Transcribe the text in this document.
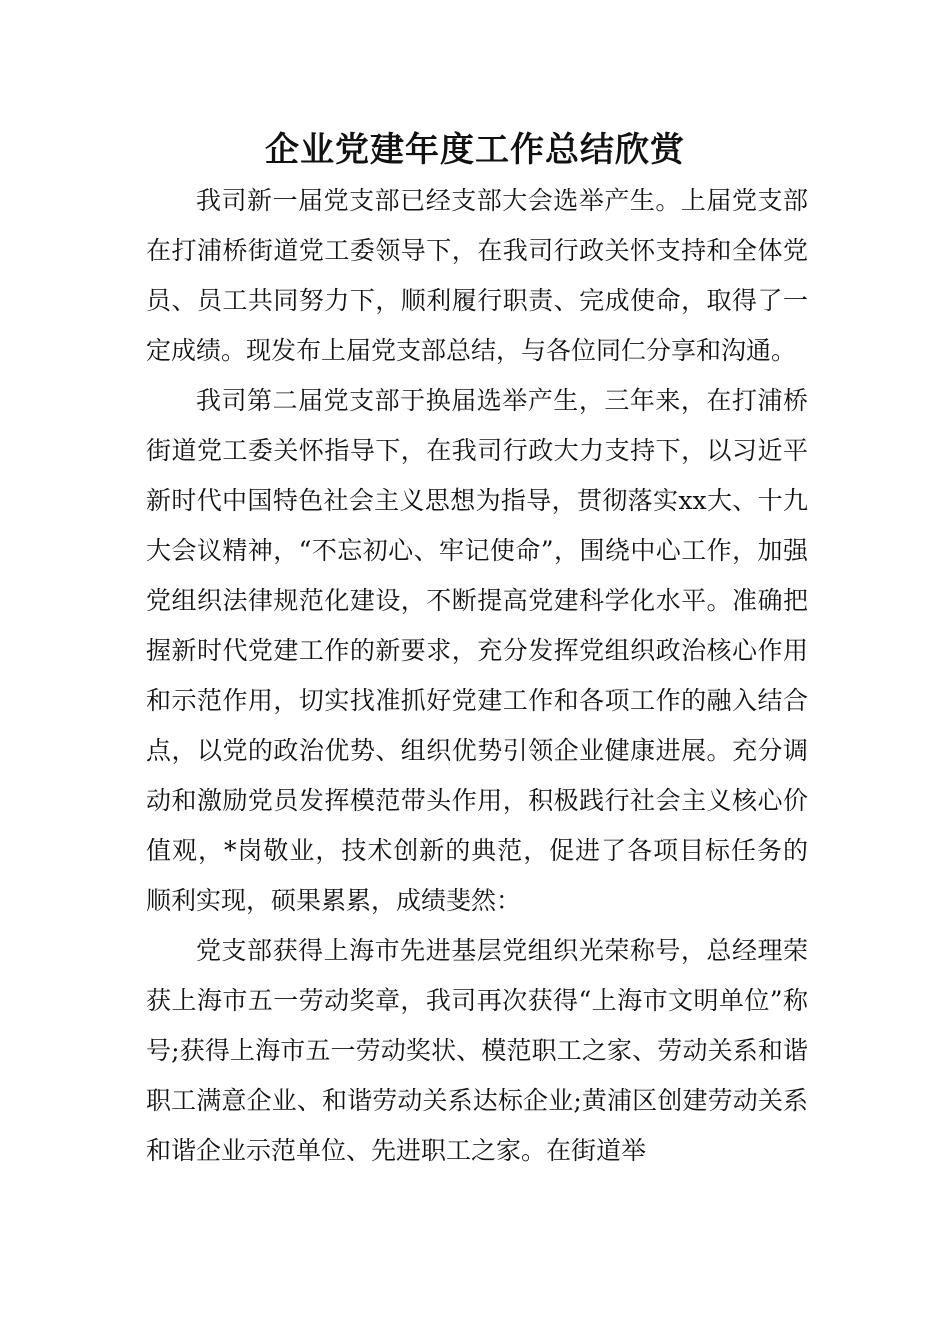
企业党建年度工作总结欣赏

我司新一届党支部已经支部大会选举产生。上届党支部在打浦桥街道党工委领导下，在我司行政关怀支持和全体党员、员工共同努力下，顺利履行职责、完成使命，取得了一定成绩。现发布上届党支部总结，与各位同仁分享和沟通。

我司第二届党支部于换届选举产生，三年来，在打浦桥街道党工委关怀指导下，在我司行政大力支持下，以习近平新时代中国特色社会主义思想为指导，贯彻落实xx大、十九大会议精神，“不忘初心、牢记使命”，围绕中心工作，加强党组织法律规范化建设，不断提高党建科学化水平。准确把握新时代党建工作的新要求，充分发挥党组织政治核心作用和示范作用，切实找准抓好党建工作和各项工作的融入结合点，以党的政治优势、组织优势引领企业健康进展。充分调动和激励党员发挥模范带头作用，积极践行社会主义核心价值观，*岗敬业，技术创新的典范，促进了各项目标任务的顺利实现，硕果累累，成绩斐然：

党支部获得上海市先进基层党组织光荣称号，总经理荣获上海市五一劳动奖章，我司再次获得“上海市文明单位”称号;获得上海市五一劳动奖状、模范职工之家、劳动关系和谐职工满意企业、和谐劳动关系达标企业;黄浦区创建劳动关系和谐企业示范单位、先进职工之家。在街道举
